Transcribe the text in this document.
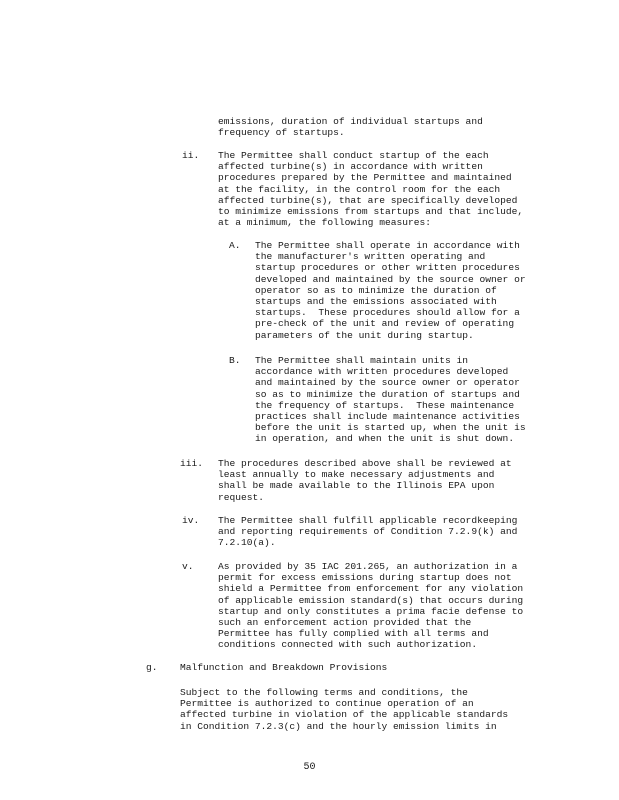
emissions, duration of individual startups and
frequency of startups.

ii. The Permittee shall conduct startup of the each
affected turbine(s) in accordance with written
procedures prepared by the Permittee and maintained
at the facility, in the control room for the each
affected turbine(s), that are specifically developed
to minimize emissions from startups and that include,
at a minimum, the following measures:

A. The Permittee shall operate in accordance with
the manufacturer's written operating and
startup procedures or other written procedures
developed and maintained by the source owner or
operator so as to minimize the duration of
startups and the emissions associated with
startups.  These procedures should allow for a
pre-check of the unit and review of operating
parameters of the unit during startup.

B. The Permittee shall maintain units in
accordance with written procedures developed
and maintained by the source owner or operator
so as to minimize the duration of startups and
the frequency of startups.  These maintenance
practices shall include maintenance activities
before the unit is started up, when the unit is
in operation, and when the unit is shut down.

iii. The procedures described above shall be reviewed at
least annually to make necessary adjustments and
shall be made available to the Illinois EPA upon
request.

iv. The Permittee shall fulfill applicable recordkeeping
and reporting requirements of Condition 7.2.9(k) and
7.2.10(a).

v.	As provided by 35 IAC 201.265, an authorization in a
permit for excess emissions during startup does not
shield a Permittee from enforcement for any violation
of applicable emission standard(s) that occurs during
startup and only constitutes a prima facie defense to
such an enforcement action provided that the
Permittee has fully complied with all terms and
conditions connected with such authorization.

g. Malfunction and Breakdown Provisions

Subject to the following terms and conditions, the
Permittee is authorized to continue operation of an
affected turbine in violation of the applicable standards
in Condition 7.2.3(c) and the hourly emission limits in

50
